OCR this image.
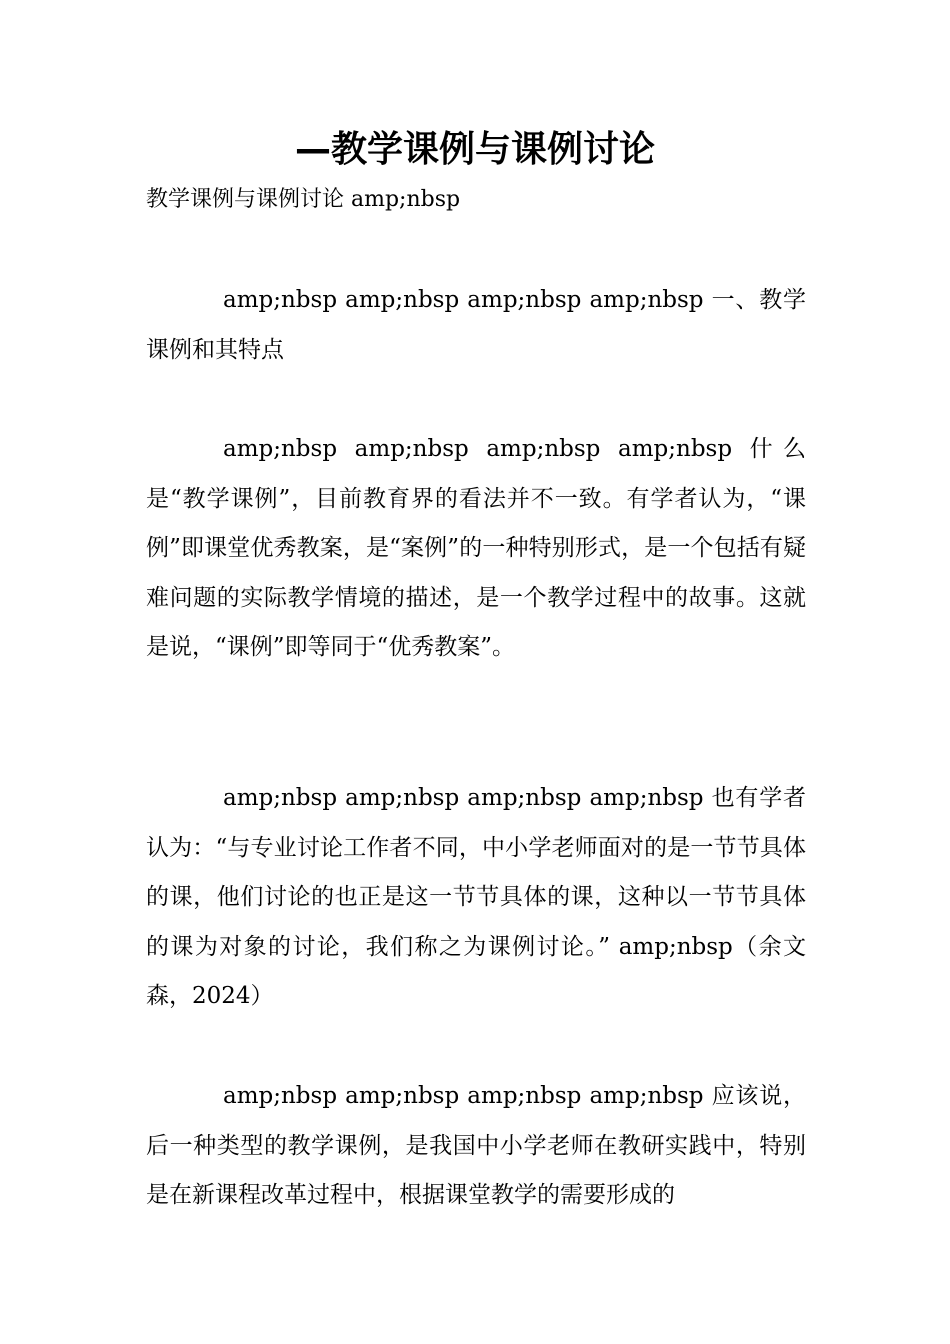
—教学课例与课例讨论

教学课例与课例讨论 amp;nbsp

amp;nbsp amp;nbsp amp;nbsp amp;nbsp 一、教学课例和其特点

amp;nbsp amp;nbsp amp;nbsp amp;nbsp 什么是“教学课例”，目前教育界的看法并不一致。有学者认为，“课例”即课堂优秀教案，是“案例”的一种特别形式，是一个包括有疑难问题的实际教学情境的描述，是一个教学过程中的故事。这就是说，“课例”即等同于“优秀教案”。

amp;nbsp amp;nbsp amp;nbsp amp;nbsp 也有学者认为：“与专业讨论工作者不同，中小学老师面对的是一节节具体的课，他们讨论的也正是这一节节具体的课，这种以一节节具体的课为对象的讨论，我们称之为课例讨论。” amp;nbsp（余文森，2024）

amp;nbsp amp;nbsp amp;nbsp amp;nbsp 应该说，后一种类型的教学课例，是我国中小学老师在教研实践中，特别是在新课程改革过程中，根据课堂教学的需要形成的
